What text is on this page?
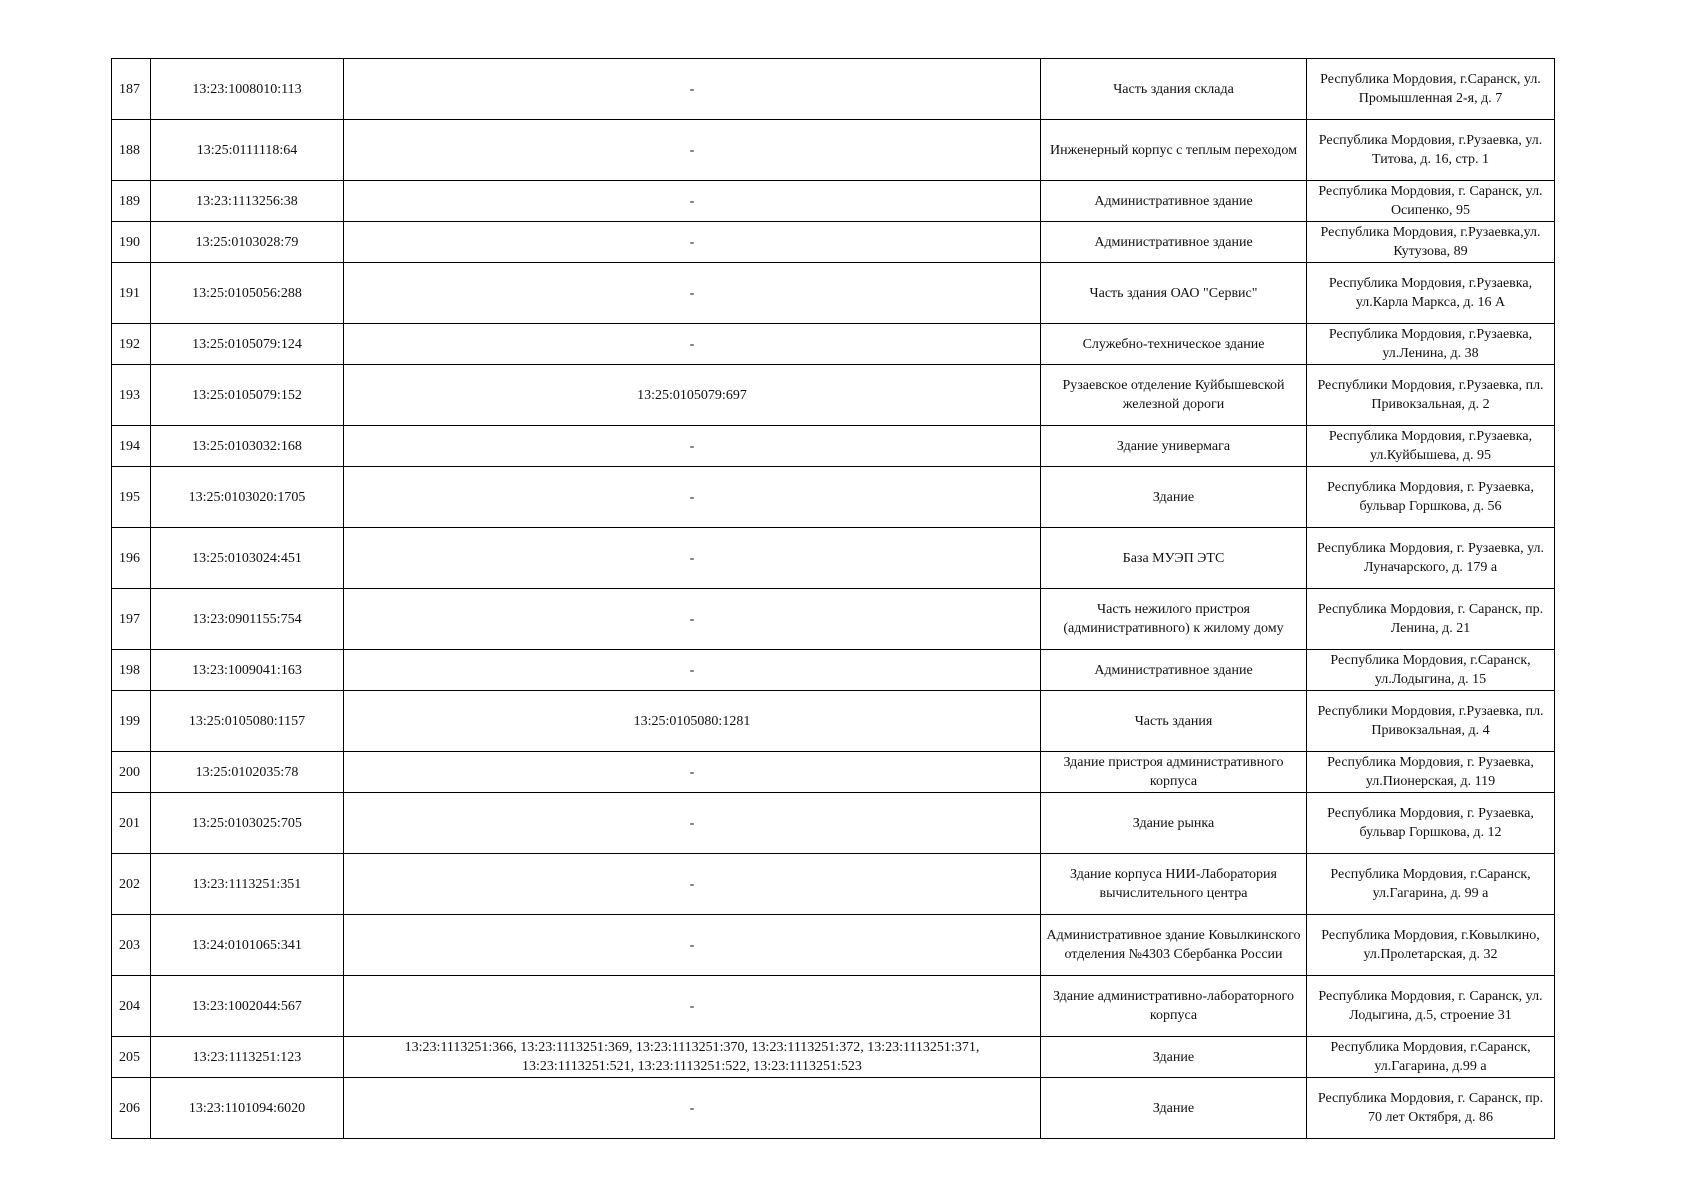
187	13:23:1008010:113	-	Часть здания склада	Республика Мордовия, г.Саранск, ул. Промышленная 2-я, д. 7
188	13:25:0111118:64	-	Инженерный корпус с теплым переходом	Республика Мордовия, г.Рузаевка, ул. Титова, д. 16, стр. 1
189	13:23:1113256:38	-	Административное здание	Республика Мордовия, г. Саранск, ул. Осипенко, 95
190	13:25:0103028:79	-	Административное здание	Республика Мордовия, г.Рузаевка,ул. Кутузова, 89
191	13:25:0105056:288	-	Часть здания ОАО "Сервис"	Республика Мордовия, г.Рузаевка, ул.Карла Маркса, д. 16 А
192	13:25:0105079:124	-	Служебно-техническое здание	Республика Мордовия, г.Рузаевка, ул.Ленина, д. 38
193	13:25:0105079:152	13:25:0105079:697	Рузаевское отделение Куйбышевской железной дороги	Республики Мордовия, г.Рузаевка, пл. Привокзальная, д. 2
194	13:25:0103032:168	-	Здание универмага	Республика Мордовия, г.Рузаевка, ул.Куйбышева, д. 95
195	13:25:0103020:1705	-	Здание	Республика Мордовия, г. Рузаевка, бульвар Горшкова, д. 56
196	13:25:0103024:451	-	База МУЭП ЭТС	Республика Мордовия, г. Рузаевка, ул. Луначарского, д. 179 а
197	13:23:0901155:754	-	Часть нежилого пристроя (административного) к жилому дому	Республика Мордовия, г. Саранск, пр. Ленина, д. 21
198	13:23:1009041:163	-	Административное здание	Республика Мордовия, г.Саранск, ул.Лодыгина, д. 15
199	13:25:0105080:1157	13:25:0105080:1281	Часть здания	Республики Мордовия, г.Рузаевка, пл. Привокзальная, д. 4
200	13:25:0102035:78	-	Здание пристроя административного корпуса	Республика Мордовия, г. Рузаевка, ул.Пионерская, д. 119
201	13:25:0103025:705	-	Здание рынка	Республика Мордовия, г. Рузаевка, бульвар Горшкова, д. 12
202	13:23:1113251:351	-	Здание корпуса НИИ-Лаборатория вычислительного центра	Республика Мордовия, г.Саранск, ул.Гагарина, д. 99 а
203	13:24:0101065:341	-	Административное здание Ковылкинского отделения №4303 Сбербанка России	Республика Мордовия, г.Ковылкино, ул.Пролетарская, д. 32
204	13:23:1002044:567	-	Здание административно-лабораторного корпуса	Республика Мордовия, г. Саранск, ул. Лодыгина, д.5, строение 31
205	13:23:1113251:123	13:23:1113251:366, 13:23:1113251:369, 13:23:1113251:370, 13:23:1113251:372, 13:23:1113251:371, 13:23:1113251:521, 13:23:1113251:522, 13:23:1113251:523	Здание	Республика Мордовия, г.Саранск, ул.Гагарина, д.99 а
206	13:23:1101094:6020	-	Здание	Республика Мордовия, г. Саранск, пр. 70 лет Октября, д. 86
